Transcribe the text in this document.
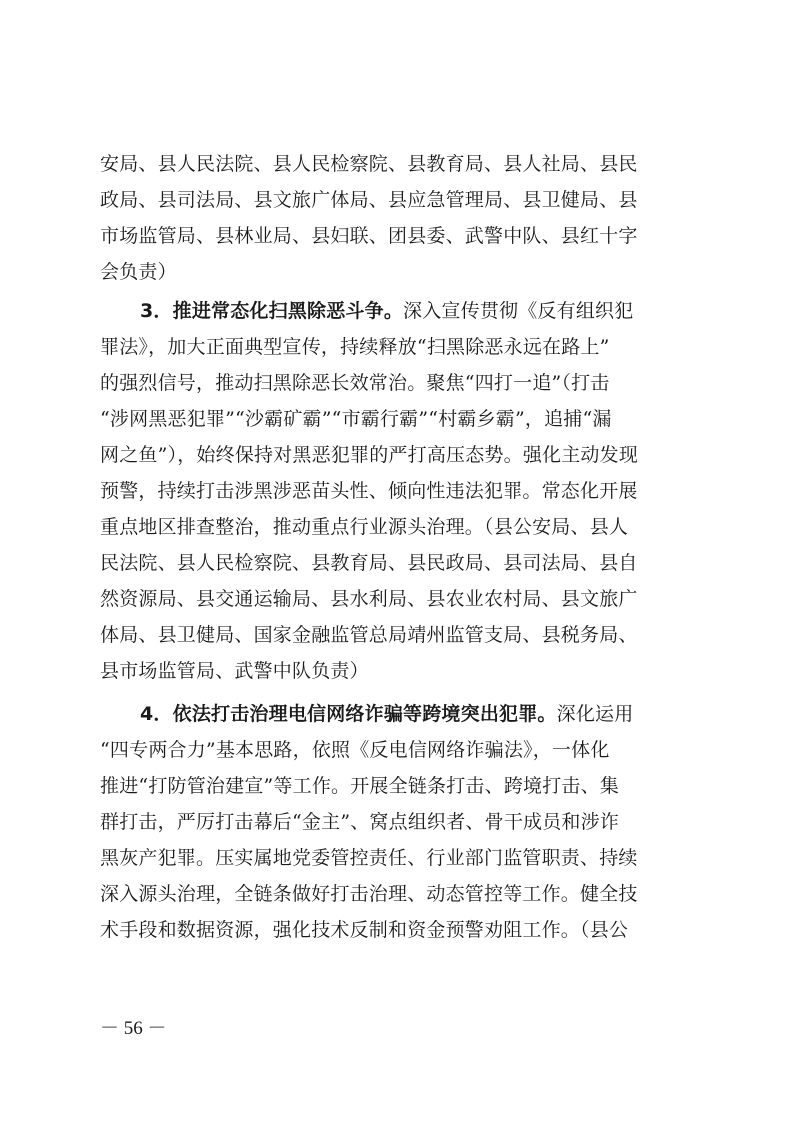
安局、县人民法院、县人民检察院、县教育局、县人社局、县民
政局、县司法局、县文旅广体局、县应急管理局、县卫健局、县
市场监管局、县林业局、县妇联、团县委、武警中队、县红十字
会负责）
3．推进常态化扫黑除恶斗争。深入宣传贯彻《反有组织犯
罪法》，加大正面典型宣传，持续释放“扫黑除恶永远在路上”
的强烈信号，推动扫黑除恶长效常治。聚焦“四打一追”（打击
“涉网黑恶犯罪”“沙霸矿霸”“市霸行霸”“村霸乡霸”，追捕“漏
网之鱼”），始终保持对黑恶犯罪的严打高压态势。强化主动发现
预警，持续打击涉黑涉恶苗头性、倾向性违法犯罪。常态化开展
重点地区排查整治，推动重点行业源头治理。（县公安局、县人
民法院、县人民检察院、县教育局、县民政局、县司法局、县自
然资源局、县交通运输局、县水利局、县农业农村局、县文旅广
体局、县卫健局、国家金融监管总局靖州监管支局、县税务局、
县市场监管局、武警中队负责）
4．依法打击治理电信网络诈骗等跨境突出犯罪。深化运用
“四专两合力”基本思路，依照《反电信网络诈骗法》，一体化
推进“打防管治建宣”等工作。开展全链条打击、跨境打击、集
群打击，严厉打击幕后“金主”、窝点组织者、骨干成员和涉诈
黑灰产犯罪。压实属地党委管控责任、行业部门监管职责、持续
深入源头治理，全链条做好打击治理、动态管控等工作。健全技
术手段和数据资源，强化技术反制和资金预警劝阻工作。（县公
－ 56 －
